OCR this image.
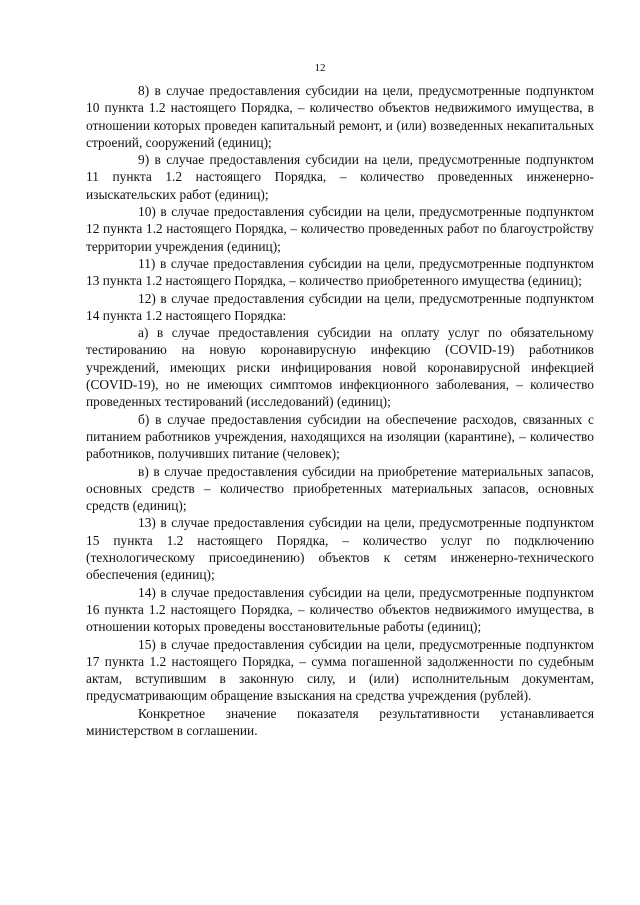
12

8) в случае предоставления субсидии на цели, предусмотренные подпунктом 10 пункта 1.2 настоящего Порядка, – количество объектов недвижимого имущества, в отношении которых проведен капитальный ремонт, и (или) возведенных некапитальных строений, сооружений (единиц);

9) в случае предоставления субсидии на цели, предусмотренные подпунктом 11 пункта 1.2 настоящего Порядка, – количество проведенных инженерно-изыскательских работ (единиц);

10) в случае предоставления субсидии на цели, предусмотренные подпунктом 12 пункта 1.2 настоящего Порядка, – количество проведенных работ по благоустройству территории учреждения (единиц);

11) в случае предоставления субсидии на цели, предусмотренные подпунктом 13 пункта 1.2 настоящего Порядка, – количество приобретенного имущества (единиц);

12) в случае предоставления субсидии на цели, предусмотренные подпунктом 14 пункта 1.2 настоящего Порядка:

а) в случае предоставления субсидии на оплату услуг по обязательному тестированию на новую коронавирусную инфекцию (COVID-19) работников учреждений, имеющих риски инфицирования новой коронавирусной инфекцией (COVID-19), но не имеющих симптомов инфекционного заболевания, – количество проведенных тестирований (исследований) (единиц);

б) в случае предоставления субсидии на обеспечение расходов, связанных с питанием работников учреждения, находящихся на изоляции (карантине), – количество работников, получивших питание (человек);

в) в случае предоставления субсидии на приобретение материальных запасов, основных средств – количество приобретенных материальных запасов, основных средств (единиц);

13) в случае предоставления субсидии на цели, предусмотренные подпунктом 15 пункта 1.2 настоящего Порядка, – количество услуг по подключению (технологическому присоединению) объектов к сетям инженерно-технического обеспечения (единиц);

14) в случае предоставления субсидии на цели, предусмотренные подпунктом 16 пункта 1.2 настоящего Порядка, – количество объектов недвижимого имущества, в отношении которых проведены восстановительные работы (единиц);

15) в случае предоставления субсидии на цели, предусмотренные подпунктом 17 пункта 1.2 настоящего Порядка, – сумма погашенной задолженности по судебным актам, вступившим в законную силу, и (или) исполнительным документам, предусматривающим обращение взыскания на средства учреждения (рублей).

Конкретное значение показателя результативности устанавливается министерством в соглашении.
